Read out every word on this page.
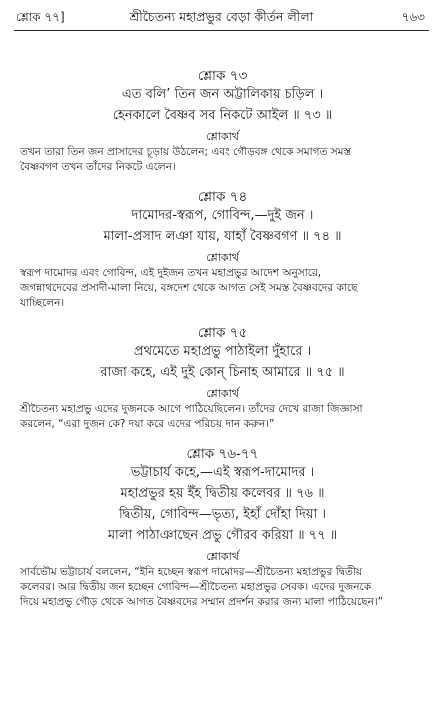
শ্রীচৈতন্য মহাপ্রভুর বেড়া কীর্তন লীলা
শ্লোক ৭৭]	৭৬৩
শ্লোক ৭৩
এত বলি’ তিন জন অট্টালিকায় চড়িল ।
হেনকালে বৈষ্ণব সব নিকটে আইল ॥ ৭৩ ॥
শ্লোকার্থ
তখন তারা তিন জন প্রাসাদের চূড়ায় উঠলেন; এবং গৌড়বঙ্গ থেকে সমাগত সমস্ত
বৈষ্ণবগণ তখন তাঁদের নিকটে এলেন।
শ্লোক ৭৪
দামোদর-স্বরূপ, গোবিন্দ,—দুই জন ।
মালা-প্রসাদ লঞা যায়, যাহাঁ বৈষ্ণবগণ ॥ ৭৪ ॥
শ্লোকার্থ
স্বরূপ দামোদর এবং গোবিন্দ, এই দুইজন তখন মহাপ্রভুর আদেশ অনুসারে,
জগন্নাথদেবের প্রসাদী-মালা নিয়ে, বঙ্গদেশ থেকে আগত সেই সমস্ত বৈষ্ণবদের কাছে
যাচ্ছিলেন।
শ্লোক ৭৫
প্রথমেতে মহাপ্রভু পাঠাইলা দুঁহারে ।
রাজা কহে, এই দুই কোন্ চিনাহ আমারে ॥ ৭৫ ॥
শ্লোকার্থ
শ্রীচৈতন্য মহাপ্রভু এদের দুজনকে আগে পাঠিয়েছিলেন। তাঁদের দেখে রাজা জিজ্ঞাসা
করলেন, “এরা দুজন কে? দয়া করে এদের পরিচয় দান করুন।”
শ্লোক ৭৬-৭৭
ভট্টাচার্য কহে,—এই স্বরূপ-দামোদর ।
মহাপ্রভুর হয় ইঁহ দ্বিতীয় কলেবর ॥ ৭৬ ॥
দ্বিতীয়, গোবিন্দ—ভৃত্য, ইহাঁ দোঁহা দিয়া ।
মালা পাঠাঞাছেন প্রভু গৌরব করিয়া ॥ ৭৭ ॥
শ্লোকার্থ
সার্বভৌম ভট্টাচার্য বললেন, “ইনি হচ্ছেন স্বরূপ দামোদর—শ্রীচৈতন্য মহাপ্রভুর দ্বিতীয়
কলেবর। আর দ্বিতীয় জন হচ্ছেন গোবিন্দ—শ্রীচৈতন্য মহাপ্রভুর সেবক। এদের দুজনকে
দিয়ে মহাপ্রভু গৌড় থেকে আগত বৈষ্ণবদের সম্মান প্রদর্শন করার জন্য মালা পাঠিয়েছেন।”
